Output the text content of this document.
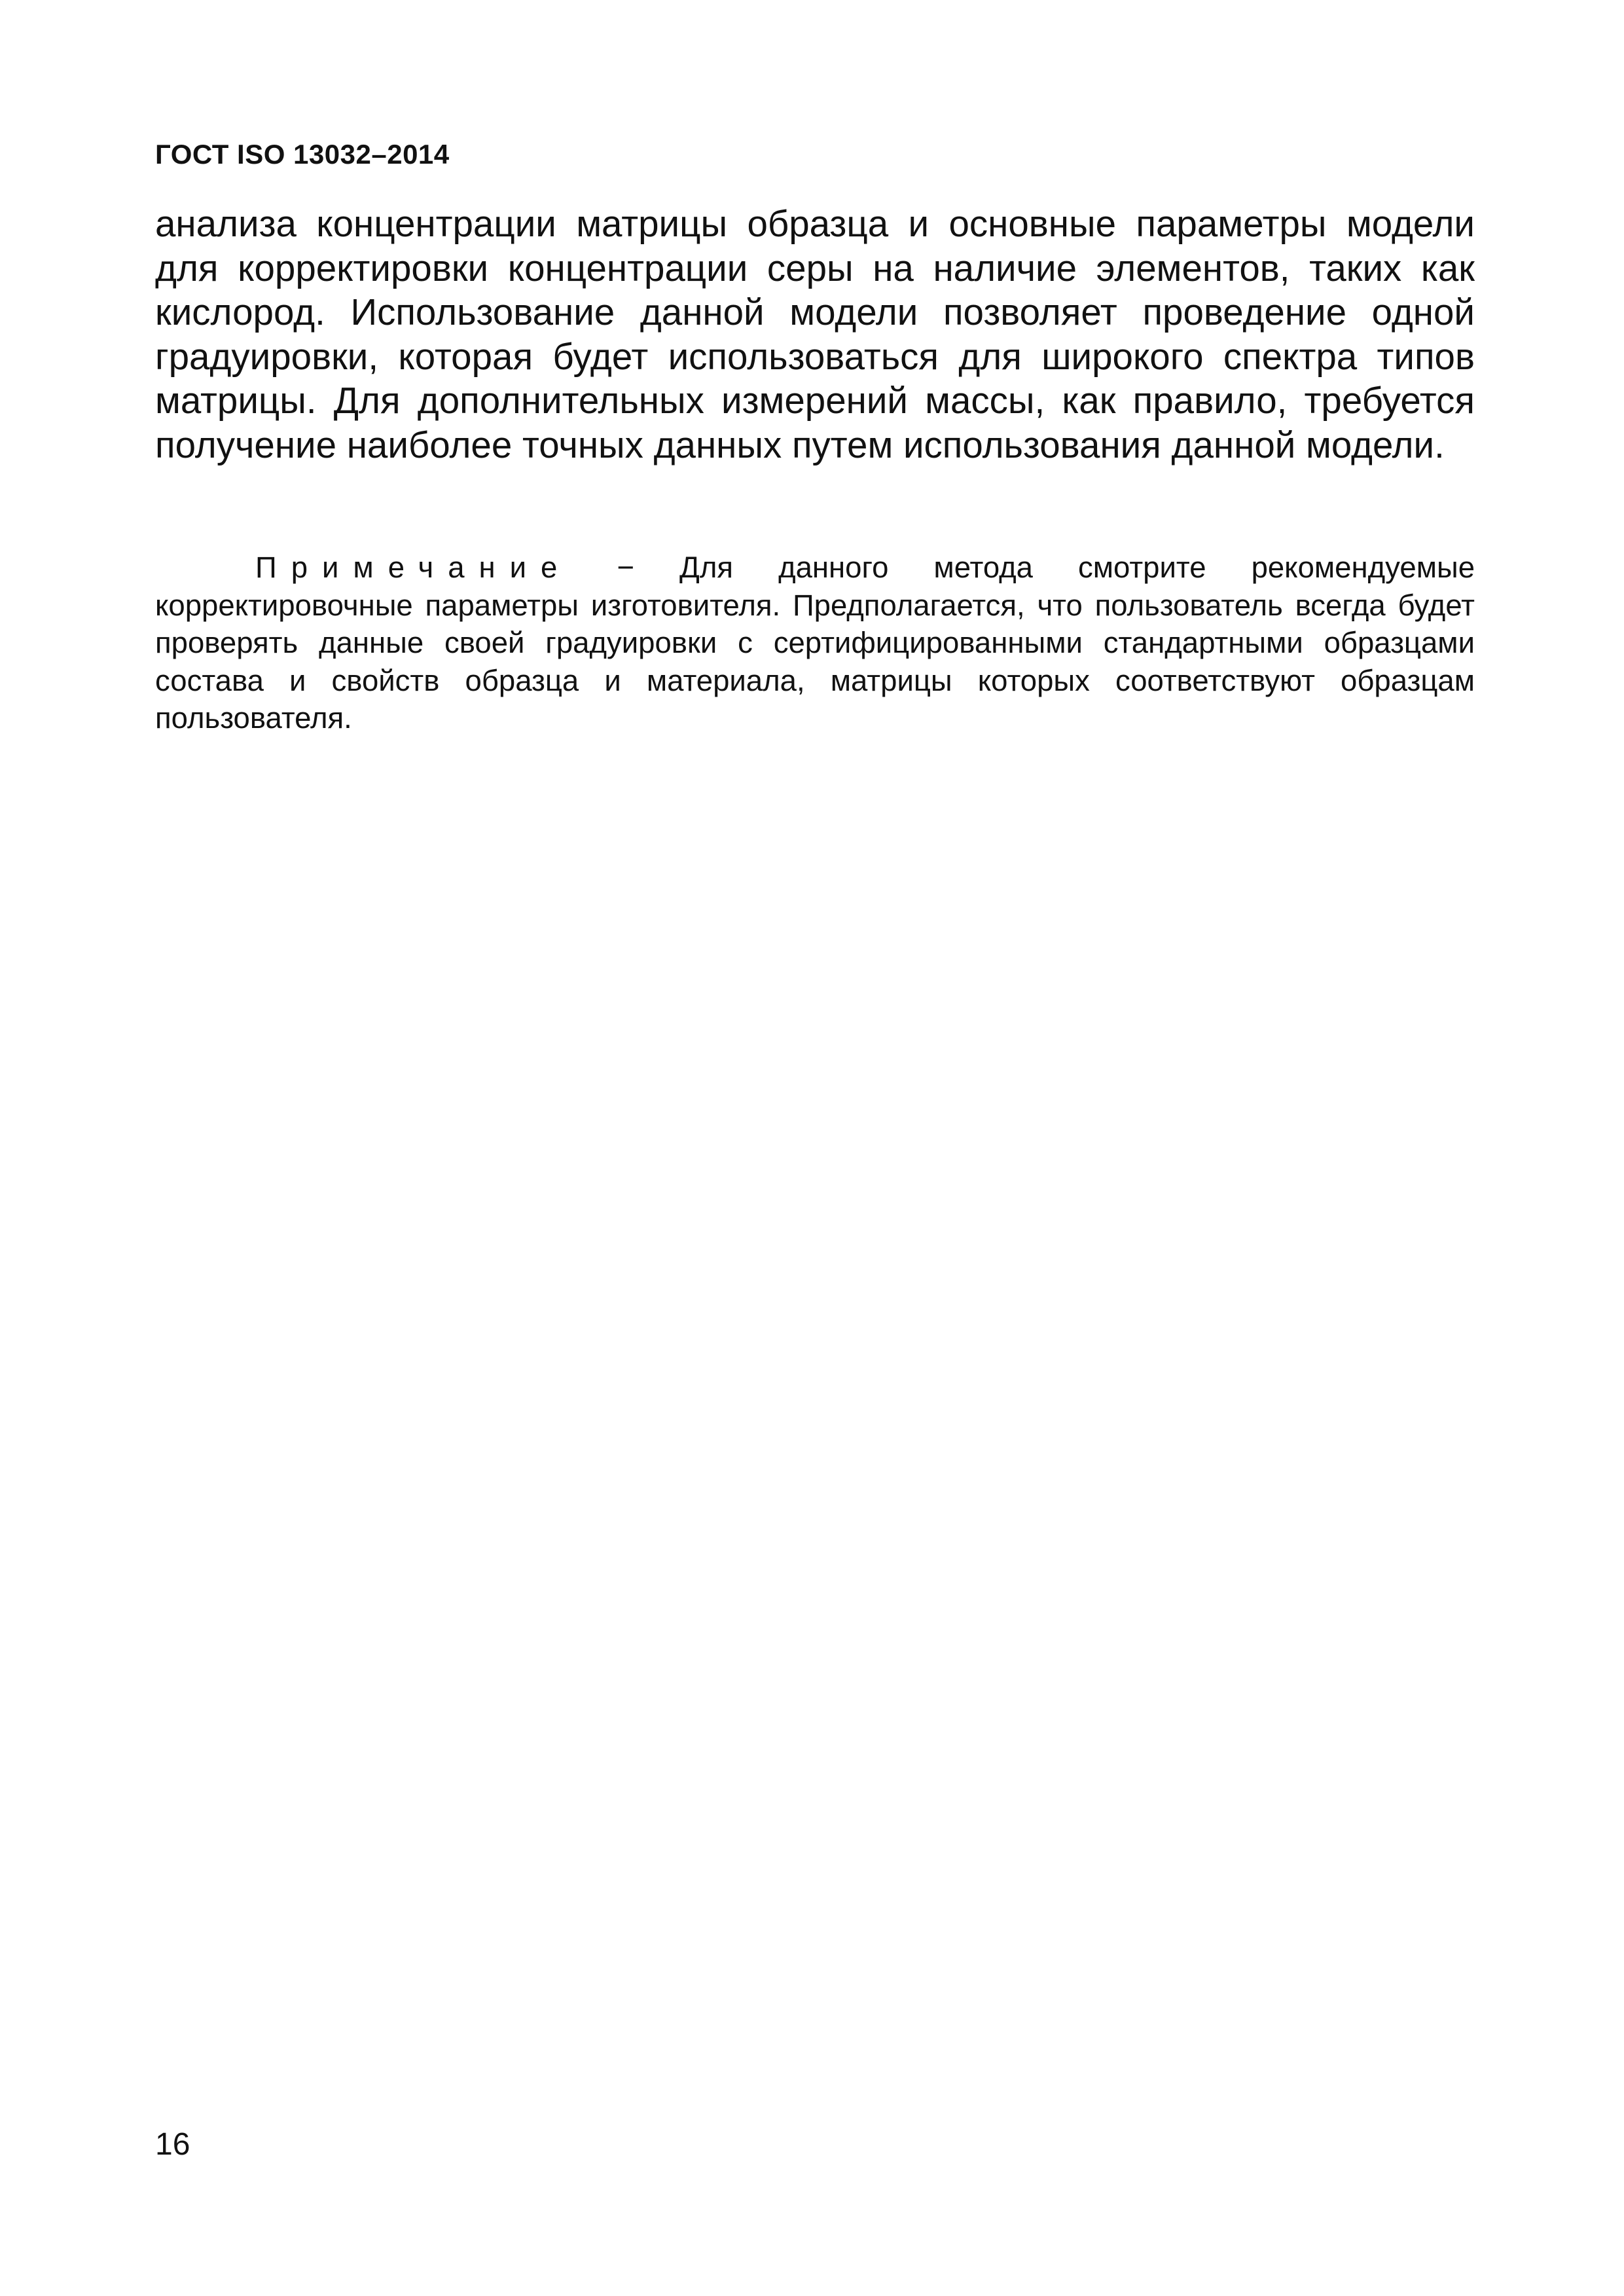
ГОСТ ISO 13032–2014

анализа концентрации матрицы образца и основные параметры модели для корректировки концентрации серы на наличие элементов, таких как кислород. Использование данной модели позволяет проведение одной градуировки, которая будет использоваться для широкого спектра типов матрицы. Для дополнительных измерений массы, как правило, требуется получение наиболее точных данных путем использования данной модели.

Примечание − Для данного метода смотрите рекомендуемые корректировочные параметры изготовителя. Предполагается, что пользователь всегда будет проверять данные своей градуировки с сертифицированными стандартными образцами состава и свойств образца и материала, матрицы которых соответствуют образцам пользователя.

16
